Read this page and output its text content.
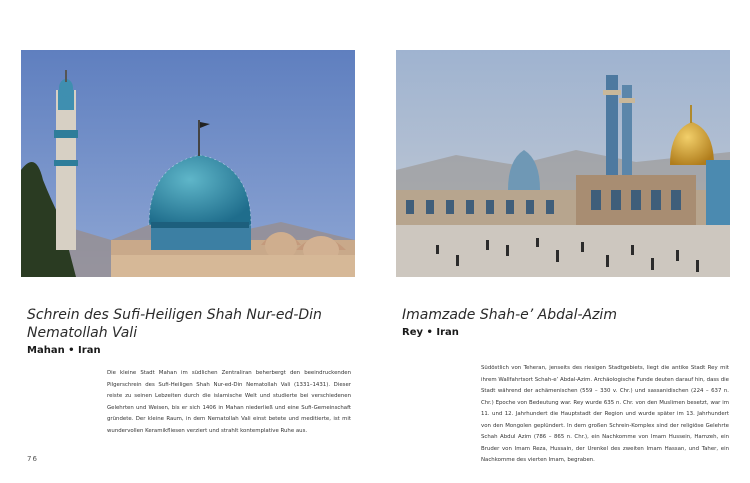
Schrein des Sufi-Heiligen Shah Nur-ed-Din Nematollah Vali
Mahan • Iran

Die kleine Stadt Mahan im südlichen Zentraliran beherbergt den beeindruckenden Pilgerschrein des Sufi-Heiligen Shah Nur-ed-Din Nematollah Vali (1331–1431). Dieser reiste zu seinen Lebzeiten durch die islamische Welt und studierte bei verschiedenen Gelehrten und Weisen, bis er sich 1406 in Mahan niederließ und eine Sufi-Gemeinschaft gründete. Der kleine Raum, in dem Nematollah Vali einst betete und meditierte, ist mit wundervollen Keramikfliesen verziert und strahlt kontemplative Ruhe aus.

76
Imamzade Shah-e’ Abdal-Azim
Rey • Iran

Südöstlich von Teheran, jenseits des riesigen Stadtgebiets, liegt die antike Stadt Rey mit ihrem Wallfahrtsort Schah-e’ Abdal-Azim. Archäologische Funde deuten darauf hin, dass die Stadt während der achämenischen (559 – 330 v. Chr.) und sassanidischen (224 – 637 n. Chr.) Epoche von Bedeutung war. Rey wurde 635 n. Chr. von den Muslimen besetzt, war im 11. und 12. Jahrhundert die Hauptstadt der Region und wurde später im 13. Jahrhundert von den Mongolen geplündert. In dem großen Schrein-Komplex sind der religiöse Gelehrte Schah Abdul Azim (786 – 865 n. Chr.), ein Nachkomme von Imam Hussein, Hamzeh, ein Bruder von Imam Reza, Hussain, der Urenkel des zweiten Imam Hassan, und Taher, ein Nachkomme des vierten Imam, begraben.
